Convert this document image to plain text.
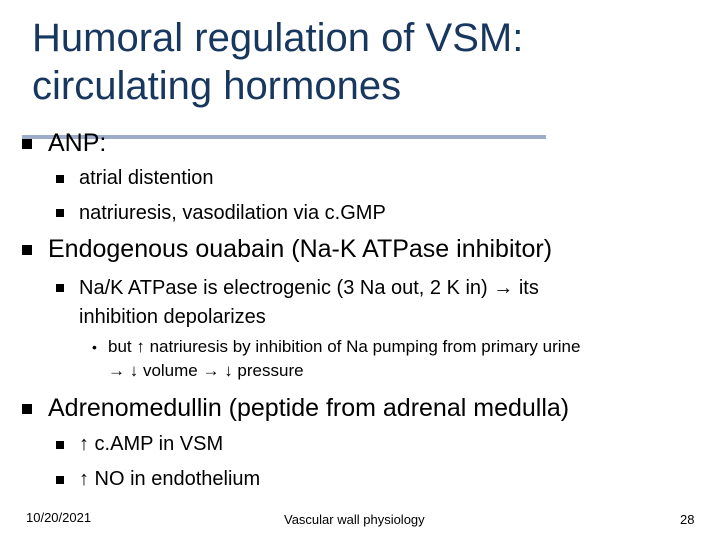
Humoral regulation of VSM:
circulating hormones
ANP:
atrial distention
natriuresis, vasodilation via c.GMP
Endogenous ouabain (Na-K ATPase inhibitor)
Na/K ATPase is electrogenic (3 Na out, 2 K in) → its
inhibition depolarizes
• but ↑ natriuresis by inhibition of Na pumping from primary urine
→ ↓ volume → ↓ pressure
Adrenomedullin (peptide from adrenal medulla)
↑ c.AMP in VSM
↑ NO in endothelium
10/20/2021	Vascular wall physiology	28
